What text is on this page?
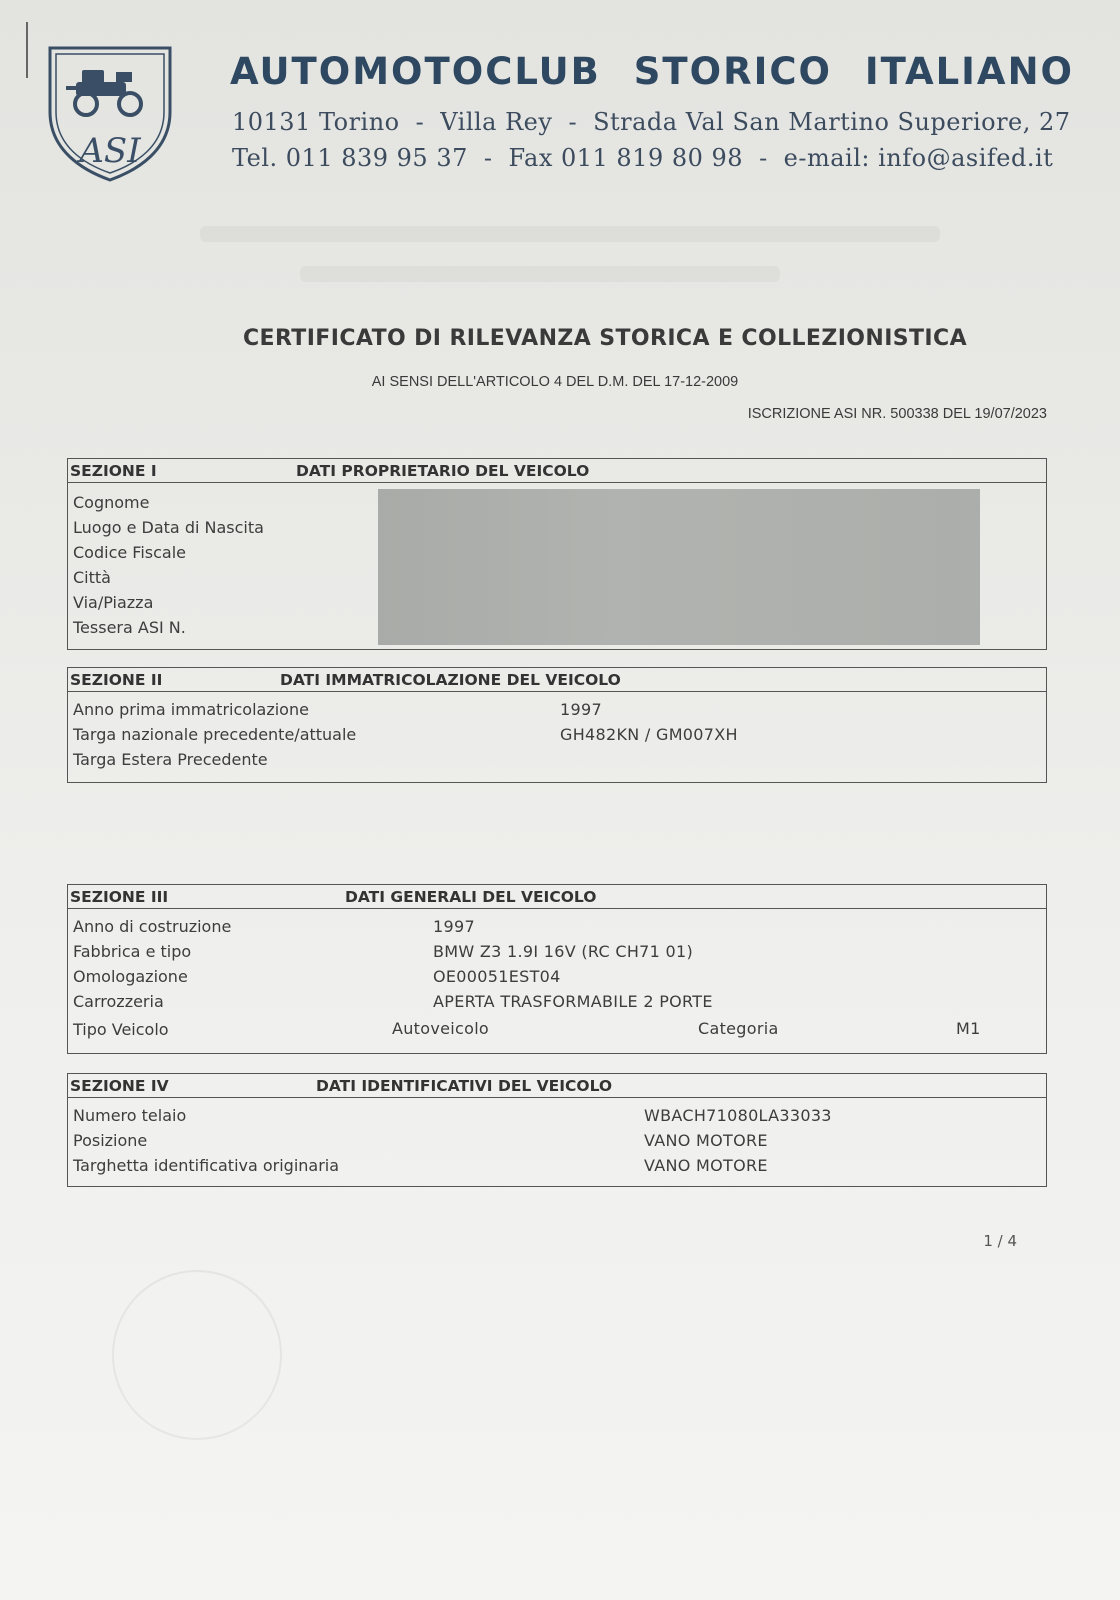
ASI
AUTOMOTOCLUB STORICO ITALIANO
10131 Torino - Villa Rey - Strada Val San Martino Superiore, 27
Tel. 011 839 95 37 - Fax 011 819 80 98 - e-mail: info@asifed.it
CERTIFICATO DI RILEVANZA STORICA E COLLEZIONISTICA
AI SENSI DELL'ARTICOLO 4 DEL D.M. DEL 17-12-2009
ISCRIZIONE ASI NR. 500338 DEL 19/07/2023
SEZIONE I	DATI PROPRIETARIO DEL VEICOLO
Cognome
Luogo e Data di Nascita
Codice Fiscale
Città
Via/Piazza
Tessera ASI N.
SEZIONE II	DATI IMMATRICOLAZIONE DEL VEICOLO
Anno prima immatricolazione	1997
Targa nazionale precedente/attuale	GH482KN / GM007XH
Targa Estera Precedente
SEZIONE III	DATI GENERALI DEL VEICOLO
Anno di costruzione	1997
Fabbrica e tipo	BMW Z3 1.9I 16V (RC CH71 01)
Omologazione	OE00051EST04
Carrozzeria	APERTA TRASFORMABILE 2 PORTE
Tipo Veicolo	Autoveicolo	Categoria	M1
SEZIONE IV	DATI IDENTIFICATIVI DEL VEICOLO
Numero telaio	WBACH71080LA33033
Posizione	VANO MOTORE
Targhetta identificativa originaria	VANO MOTORE
1 / 4
